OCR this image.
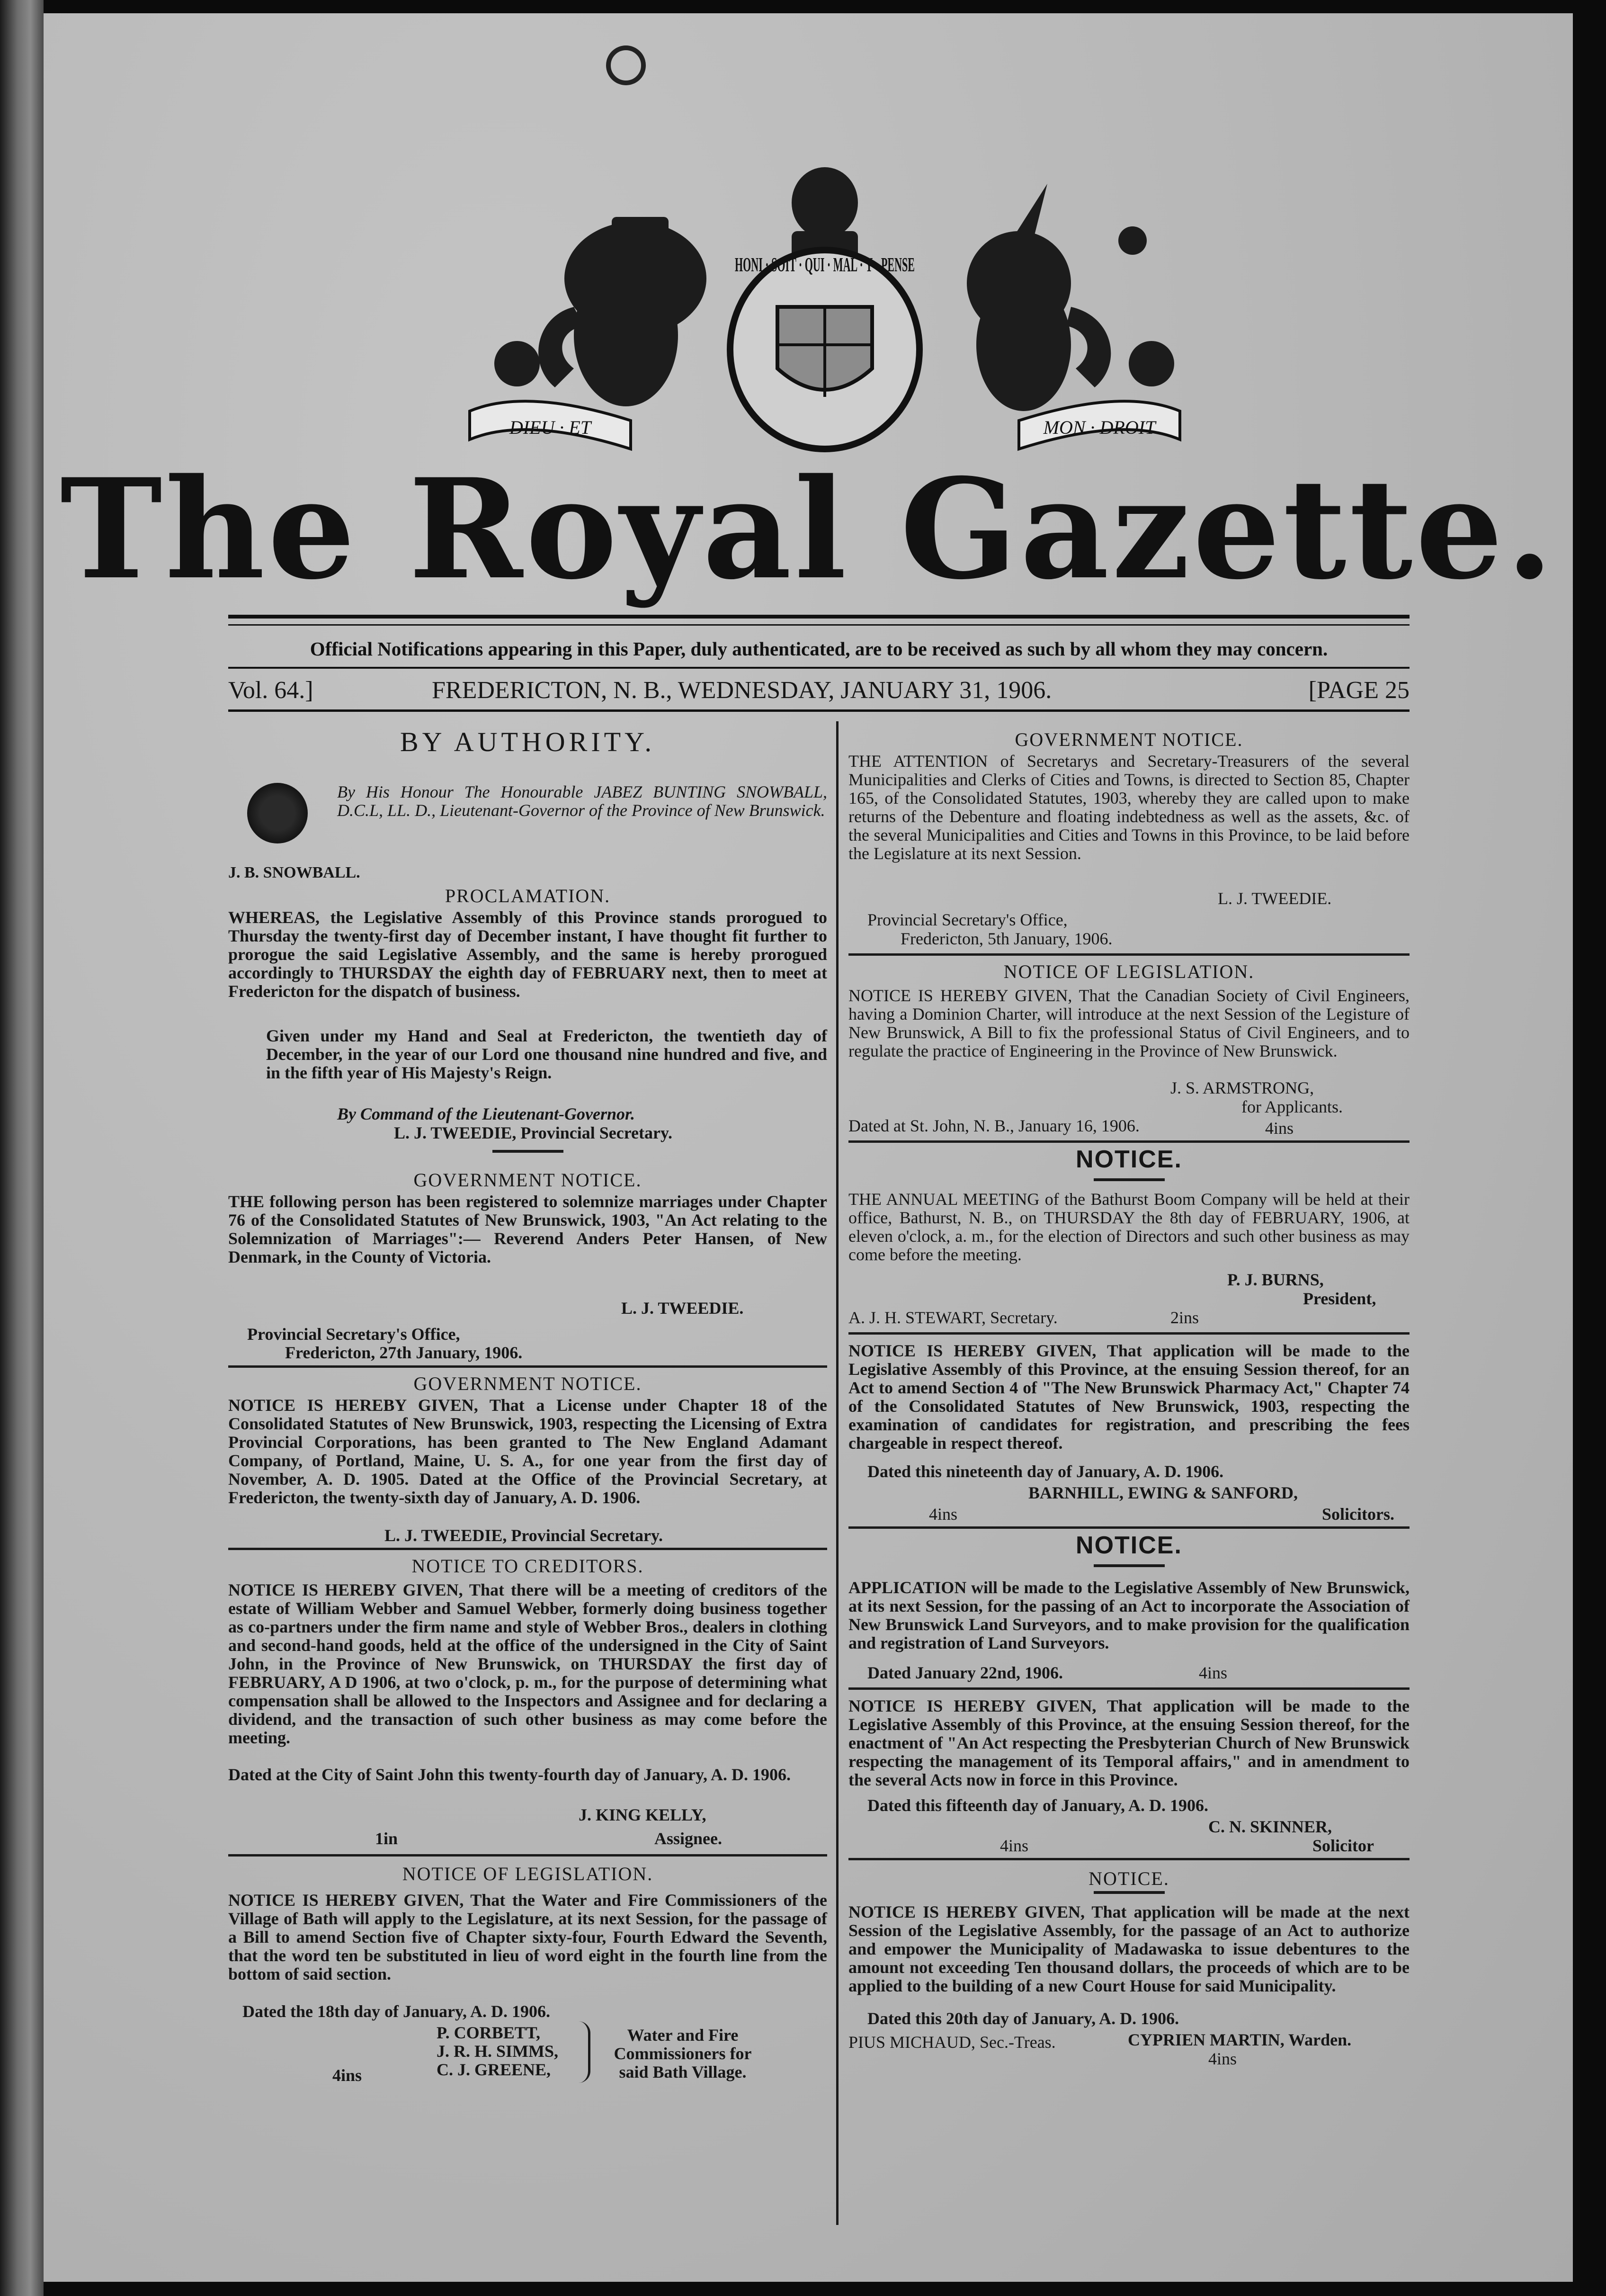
HONI · SOIT · QUI · MAL · Y · PENSE
DIEU · ET	MON · DROIT
The Royal Gazette.
Official Notifications appearing in this Paper, duly authenticated, are to be received as such by all whom they may concern.
Vol. 64.]	FREDERICTON, N. B., WEDNESDAY, JANUARY 31, 1906.	[PAGE 25
BY AUTHORITY.
By His Honour The Honourable JABEZ BUNTING SNOWBALL, D.C.L, LL. D., Lieutenant-Governor of the Province of New Brunswick.
J. B. SNOWBALL.
PROCLAMATION.
WHEREAS, the Legislative Assembly of this Province stands prorogued to Thursday the twenty-first day of December instant, I have thought fit further to prorogue the said Legislative Assembly, and the same is hereby prorogued accordingly to THURSDAY the eighth day of FEBRUARY next, then to meet at Fredericton for the dispatch of business.
Given under my Hand and Seal at Fredericton, the twentieth day of December, in the year of our Lord one thousand nine hundred and five, and in the fifth year of His Majesty's Reign.
By Command of the Lieutenant-Governor.
L. J. TWEEDIE, Provincial Secretary.
GOVERNMENT NOTICE.
THE following person has been registered to solemnize marriages under Chapter 76 of the Consolidated Statutes of New Brunswick, 1903, "An Act relating to the Solemnization of Marriages":— Reverend Anders Peter Hansen, of New Denmark, in the County of Victoria.
L. J. TWEEDIE.
Provincial Secretary's Office,
Fredericton, 27th January, 1906.
GOVERNMENT NOTICE.
NOTICE IS HEREBY GIVEN, That a License under Chapter 18 of the Consolidated Statutes of New Brunswick, 1903, respecting the Licensing of Extra Provincial Corporations, has been granted to The New England Adamant Company, of Portland, Maine, U. S. A., for one year from the first day of November, A. D. 1905. Dated at the Office of the Provincial Secretary, at Fredericton, the twenty-sixth day of January, A. D. 1906.
L. J. TWEEDIE, Provincial Secretary.
NOTICE TO CREDITORS.
NOTICE IS HEREBY GIVEN, That there will be a meeting of creditors of the estate of William Webber and Samuel Webber, formerly doing business together as co-partners under the firm name and style of Webber Bros., dealers in clothing and second-hand goods, held at the office of the undersigned in the City of Saint John, in the Province of New Brunswick, on THURSDAY the first day of FEBRUARY, A D 1906, at two o'clock, p. m., for the purpose of determining what compensation shall be allowed to the Inspectors and Assignee and for declaring a dividend, and the transaction of such other business as may come before the meeting.
Dated at the City of Saint John this twenty-fourth day of January, A. D. 1906.
J. KING KELLY,
1in	Assignee.
NOTICE OF LEGISLATION.
NOTICE IS HEREBY GIVEN, That the Water and Fire Commissioners of the Village of Bath will apply to the Legislature, at its next Session, for the passage of a Bill to amend Section five of Chapter sixty-four, Fourth Edward the Seventh, that the word ten be substituted in lieu of word eight in the fourth line from the bottom of said section.
Dated the 18th day of January, A. D. 1906.
P. CORBETT,
J. R. H. SIMMS,
C. J. GREENE,
Water and Fire Commissioners for said Bath Village.
4ins
GOVERNMENT NOTICE.
THE ATTENTION of Secretarys and Secretary-Treasurers of the several Municipalities and Clerks of Cities and Towns, is directed to Section 85, Chapter 165, of the Consolidated Statutes, 1903, whereby they are called upon to make returns of the Debenture and floating indebtedness as well as the assets, &c. of the several Municipalities and Cities and Towns in this Province, to be laid before the Legislature at its next Session.
L. J. TWEEDIE.
Provincial Secretary's Office,
Fredericton, 5th January, 1906.
NOTICE OF LEGISLATION.
NOTICE IS HEREBY GIVEN, That the Canadian Society of Civil Engineers, having a Dominion Charter, will introduce at the next Session of the Legisture of New Brunswick, A Bill to fix the professional Status of Civil Engineers, and to regulate the practice of Engineering in the Province of New Brunswick.
J. S. ARMSTRONG,
for Applicants.
Dated at St. John, N. B., January 16, 1906.	4ins
NOTICE.
THE ANNUAL MEETING of the Bathurst Boom Company will be held at their office, Bathurst, N. B., on THURSDAY the 8th day of FEBRUARY, 1906, at eleven o'clock, a. m., for the election of Directors and such other business as may come before the meeting.
P. J. BURNS,
President,
A. J. H. STEWART, Secretary.	2ins
NOTICE IS HEREBY GIVEN, That application will be made to the Legislative Assembly of this Province, at the ensuing Session thereof, for an Act to amend Section 4 of "The New Brunswick Pharmacy Act," Chapter 74 of the Consolidated Statutes of New Brunswick, 1903, respecting the examination of candidates for registration, and prescribing the fees chargeable in respect thereof.
Dated this nineteenth day of January, A. D. 1906.
BARNHILL, EWING & SANFORD,
4ins	Solicitors.
NOTICE.
APPLICATION will be made to the Legislative Assembly of New Brunswick, at its next Session, for the passing of an Act to incorporate the Association of New Brunswick Land Surveyors, and to make provision for the qualification and registration of Land Surveyors.
Dated January 22nd, 1906.	4ins
NOTICE IS HEREBY GIVEN, That application will be made to the Legislative Assembly of this Province, at the ensuing Session thereof, for the enactment of "An Act respecting the Presbyterian Church of New Brunswick respecting the management of its Temporal affairs," and in amendment to the several Acts now in force in this Province.
Dated this fifteenth day of January, A. D. 1906.
C. N. SKINNER,
4ins	Solicitor
NOTICE.
NOTICE IS HEREBY GIVEN, That application will be made at the next Session of the Legislative Assembly, for the passage of an Act to authorize and empower the Municipality of Madawaska to issue debentures to the amount not exceeding Ten thousand dollars, the proceeds of which are to be applied to the building of a new Court House for said Municipality.
Dated this 20th day of January, A. D. 1906.
PIUS MICHAUD, Sec.-Treas.	CYPRIEN MARTIN, Warden.
4ins
